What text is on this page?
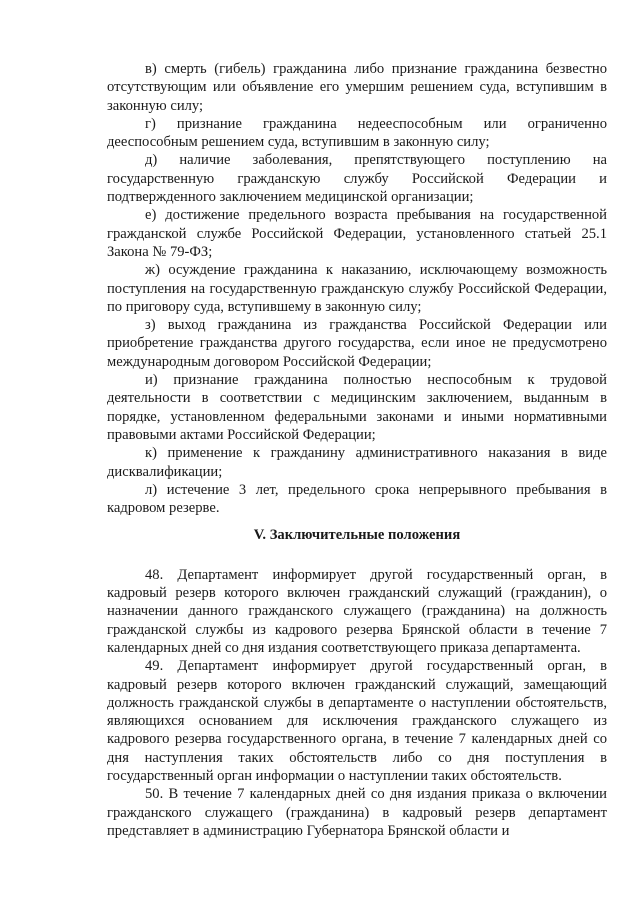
в) смерть (гибель) гражданина либо признание гражданина безвестно отсутствующим или объявление его умершим решением суда, вступившим в законную силу;

г) признание гражданина недееспособным или ограниченно дееспособным решением суда, вступившим в законную силу;

д) наличие заболевания, препятствующего поступлению на государственную гражданскую службу Российской Федерации и подтвержденного заключением медицинской организации;

е) достижение предельного возраста пребывания на государственной гражданской службе Российской Федерации, установленного статьей 25.1 Закона № 79-ФЗ;

ж) осуждение гражданина к наказанию, исключающему возможность поступления на государственную гражданскую службу Российской Федерации, по приговору суда, вступившему в законную силу;

з) выход гражданина из гражданства Российской Федерации или приобретение гражданства другого государства, если иное не предусмотрено международным договором Российской Федерации;

и) признание гражданина полностью неспособным к трудовой деятельности в соответствии с медицинским заключением, выданным в порядке, установленном федеральными законами и иными нормативными правовыми актами Российской Федерации;

к) применение к гражданину административного наказания в виде дисквалификации;

л) истечение 3 лет, предельного срока непрерывного пребывания в кадровом резерве.

V. Заключительные положения

48. Департамент информирует другой государственный орган, в кадровый резерв которого включен гражданский служащий (гражданин), о назначении данного гражданского служащего (гражданина) на должность гражданской службы из кадрового резерва Брянской области в течение 7 календарных дней со дня издания соответствующего приказа департамента.

49. Департамент информирует другой государственный орган, в кадровый резерв которого включен гражданский служащий, замещающий должность гражданской службы в департаменте о наступлении обстоятельств, являющихся основанием для исключения гражданского служащего из кадрового резерва государственного органа, в течение 7 календарных дней со дня наступления таких обстоятельств либо со дня поступления в государственный орган информации о наступлении таких обстоятельств.

50. В течение 7 календарных дней со дня издания приказа о включении гражданского служащего (гражданина) в кадровый резерв департамент представляет в администрацию Губернатора Брянской области и
